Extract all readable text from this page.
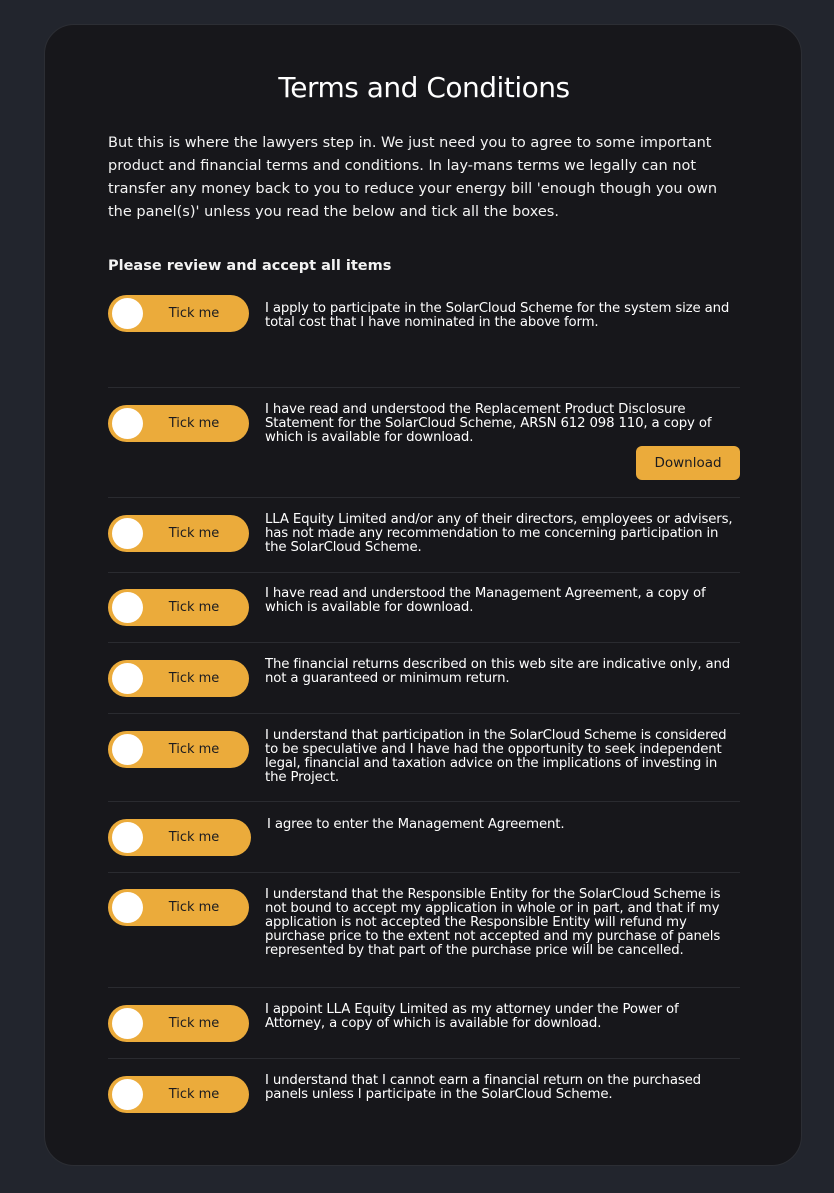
Terms and Conditions

But this is where the lawyers step in. We just need you to agree to some important product and financial terms and conditions. In lay-mans terms we legally can not transfer any money back to you to reduce your energy bill 'enough though you own the panel(s)' unless you read the below and tick all the boxes.

Please review and accept all items

Tick me	I apply to participate in the SolarCloud Scheme for the system size and total cost that I have nominated in the above form.
Tick me
I have read and understood the Replacement Product Disclosure Statement for the SolarCloud Scheme, ARSN 612 098 110, a copy of which is available for download.
Download
Tick me
LLA Equity Limited and/or any of their directors, employees or advisers, has not made any recommendation to me concerning participation in the SolarCloud Scheme.
Tick me
I have read and understood the Management Agreement, a copy of which is available for download.
Tick me
The financial returns described on this web site are indicative only, and not a guaranteed or minimum return.
Tick me
I understand that participation in the SolarCloud Scheme is considered to be speculative and I have had the opportunity to seek independent legal, financial and taxation advice on the implications of investing in the Project.
Tick me
I agree to enter the Management Agreement.
Tick me
I understand that the Responsible Entity for the SolarCloud Scheme is not bound to accept my application in whole or in part, and that if my application is not accepted the Responsible Entity will refund my purchase price to the extent not accepted and my purchase of panels represented by that part of the purchase price will be cancelled.
Tick me
I appoint LLA Equity Limited as my attorney under the Power of Attorney, a copy of which is available for download.
Tick me
I understand that I cannot earn a financial return on the purchased panels unless I participate in the SolarCloud Scheme.
